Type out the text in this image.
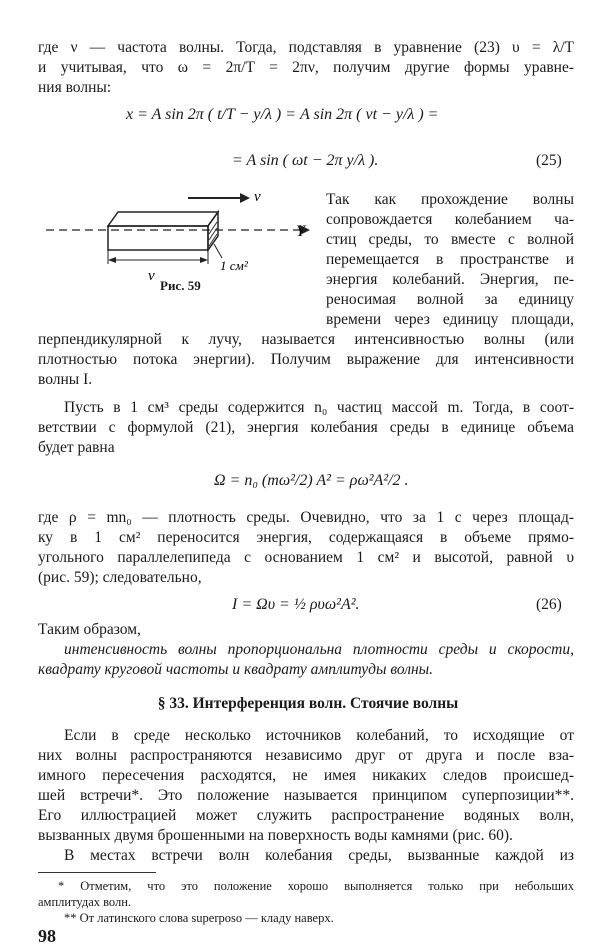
где ν — частота волны. Тогда, подставляя в уравнение (23) υ = λ/T
и учитывая, что ω = 2π/T = 2πν, получим другие формы уравне-
ния волны:
x = A sin 2π ( t/T − y/λ ) = A sin 2π ( νt − y/λ ) =
= A sin ( ωt − 2π y/λ ).	(25)
v
Y
v
1 см²
Рис. 59
Так как прохождение волны
сопровождается колебанием ча-
стиц среды, то вместе с волной
перемещается в пространстве и
энергия колебаний. Энергия, пе-
реносимая волной за единицу
времени через единицу площади,
перпендикулярной к лучу, называется интенсивностью волны (или
плотностью потока энергии). Получим выражение для интенсивности
волны I.
Пусть в 1 см³ среды содержится n₀ частиц массой m. Тогда, в соот-
ветствии с формулой (21), энергия колебания среды в единице объема
будет равна
Ω = n₀ (mω²/2) A² = ρω²A²/2 .
где ρ = mn₀ — плотность среды. Очевидно, что за 1 с через площад-
ку в 1 см² переносится энергия, содержащаяся в объеме прямо-
угольного параллелепипеда с основанием 1 см² и высотой, равной υ
(рис. 59); следовательно,
I = Ωυ = ½ ρυω²A².	(26)
Таким образом,
интенсивность волны пропорциональна плотности среды и скорости,
квадрату круговой частоты и квадрату амплитуды волны.
§ 33. Интерференция волн. Стоячие волны
Если в среде несколько источников колебаний, то исходящие от
них волны распространяются независимо друг от друга и после вза-
имного пересечения расходятся, не имея никаких следов происшед-
шей встречи*. Это положение называется принципом суперпозиции**.
Его иллюстрацией может служить распространение водяных волн,
вызванных двумя брошенными на поверхность воды камнями (рис. 60).
В местах встречи волн колебания среды, вызванные каждой из
* Отметим, что это положение хорошо выполняется только при небольших
амплитудах волн.
** От латинского слова superposo — кладу наверх.
98
